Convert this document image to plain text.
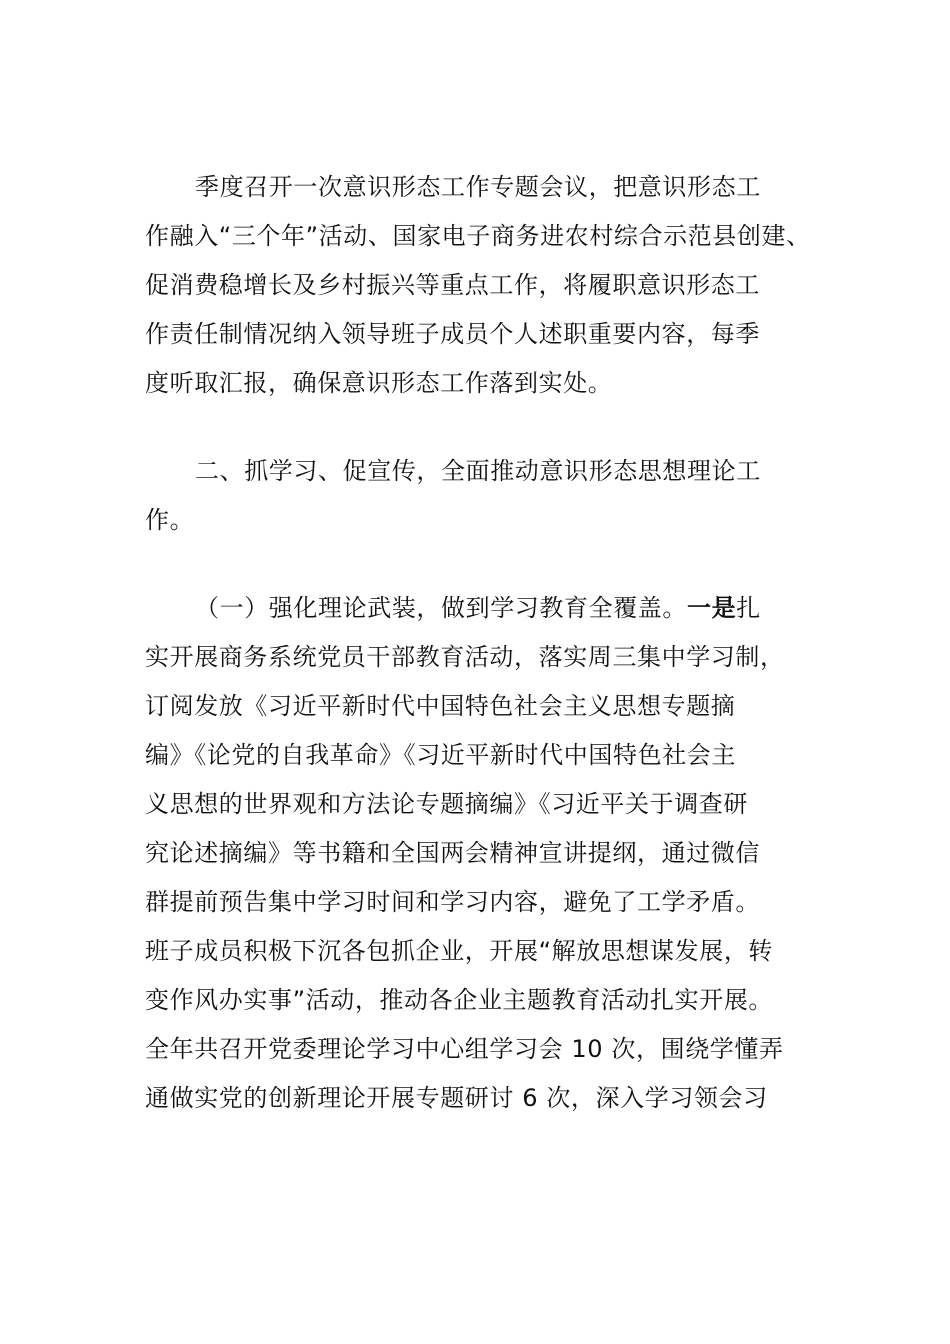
季度召开一次意识形态工作专题会议，把意识形态工
作融入“三个年”活动、国家电子商务进农村综合示范县创建、
促消费稳增长及乡村振兴等重点工作，将履职意识形态工
作责任制情况纳入领导班子成员个人述职重要内容，每季
度听取汇报，确保意识形态工作落到实处。
二、抓学习、促宣传，全面推动意识形态思想理论工
作。
（一）强化理论武装，做到学习教育全覆盖。一是扎
实开展商务系统党员干部教育活动，落实周三集中学习制，
订阅发放《习近平新时代中国特色社会主义思想专题摘
编》《论党的自我革命》《习近平新时代中国特色社会主
义思想的世界观和方法论专题摘编》《习近平关于调查研
究论述摘编》等书籍和全国两会精神宣讲提纲，通过微信
群提前预告集中学习时间和学习内容，避免了工学矛盾。
班子成员积极下沉各包抓企业，开展“解放思想谋发展，转
变作风办实事”活动，推动各企业主题教育活动扎实开展。
全年共召开党委理论学习中心组学习会 10 次，围绕学懂弄
通做实党的创新理论开展专题研讨 6 次，深入学习领会习
